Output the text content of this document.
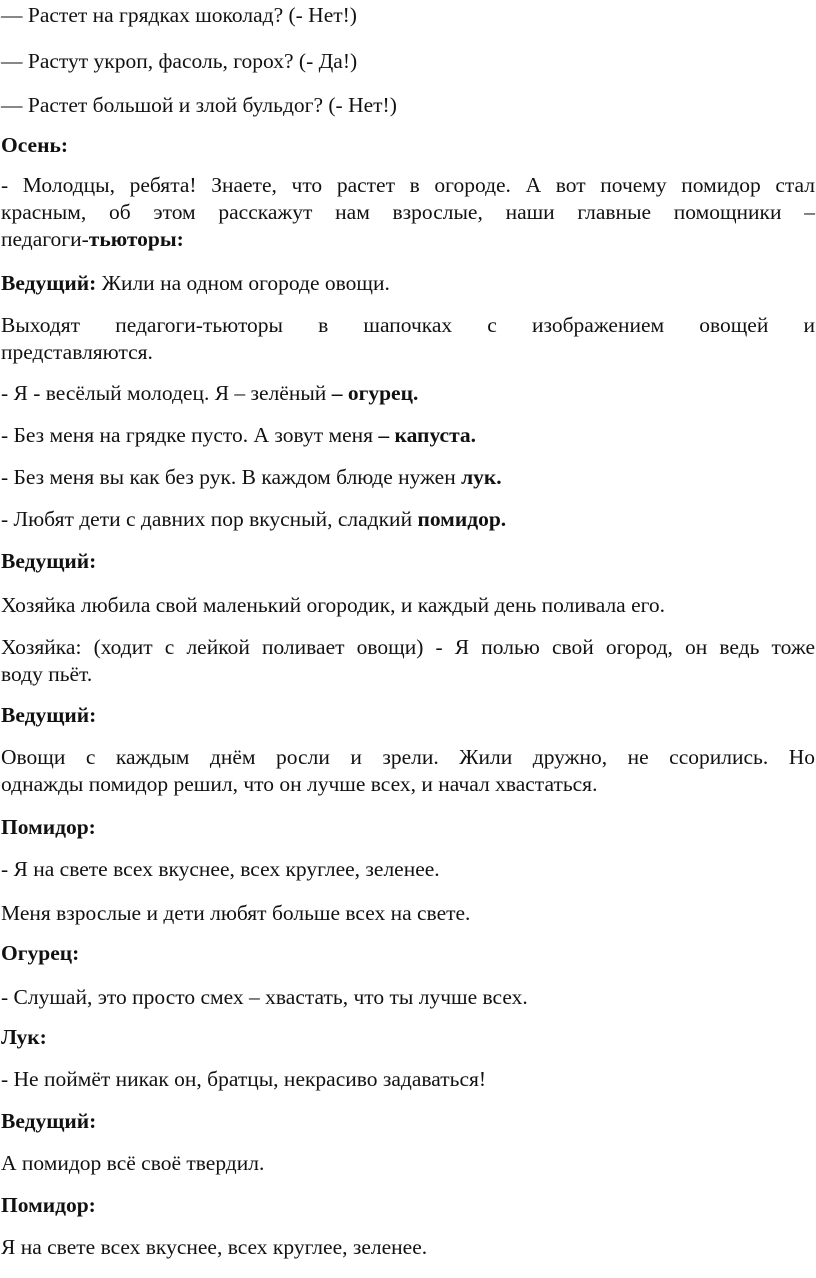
— Растет на грядках шоколад? (- Нет!)
— Растут укроп, фасоль, горох? (- Да!)
— Растет большой и злой бульдог? (- Нет!)
Осень:
- Молодцы, ребята! Знаете, что растет в огороде. А вот почему помидор стал
красным, об этом расскажут нам взрослые, наши главные помощники –
педагоги-тьюторы:
Ведущий: Жили на одном огороде овощи.
Выходят педагоги-тьюторы в шапочках с изображением овощей и
представляются.
- Я - весёлый молодец. Я – зелёный – огурец.
- Без меня на грядке пусто. А зовут меня – капуста.
- Без меня вы как без рук. В каждом блюде нужен лук.
- Любят дети с давних пор вкусный, сладкий помидор.
Ведущий:
Хозяйка любила свой маленький огородик, и каждый день поливала его.
Хозяйка: (ходит с лейкой поливает овощи) - Я полью свой огород, он ведь тоже
воду пьёт.
Ведущий:
Овощи с каждым днём росли и зрели. Жили дружно, не ссорились. Но
однажды помидор решил, что он лучше всех, и начал хвастаться.
Помидор:
- Я на свете всех вкуснее, всех круглее, зеленее.
Меня взрослые и дети любят больше всех на свете.
Огурец:
- Слушай, это просто смех – хвастать, что ты лучше всех.
Лук:
- Не поймёт никак он, братцы, некрасиво задаваться!
Ведущий:
А помидор всё своё твердил.
Помидор:
Я на свете всех вкуснее, всех круглее, зеленее.
